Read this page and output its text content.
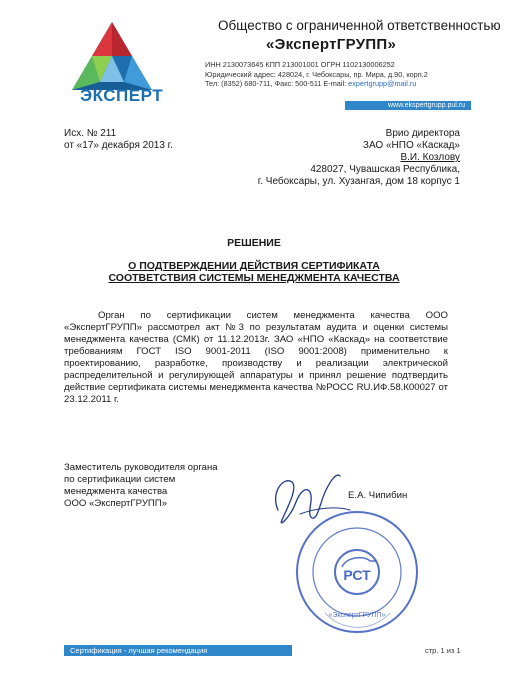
ЭКСПЕРТ
Общество с ограниченной ответственностью
«ЭкспертГРУПП»
ИНН 2130073645 КПП 213001001 ОГРН 1102130006252
Юридический адрес: 428024, г. Чебоксары, пр. Мира, д.90, корп.2
Тел: (8352) 680-711, Факс: 500-511 E-mail: expertgrupp@mail.ru
www.ekspertgrupp.pul.ru
Исх. № 211
от «17» декабря 2013 г.
Врио директора
ЗАО «НПО «Каскад»
В.И. Козлову
428027, Чувашская Республика,
г. Чебоксары, ул. Хузангая, дом 18 корпус 1
РЕШЕНИЕ
О ПОДТВЕРЖДЕНИИ ДЕЙСТВИЯ СЕРТИФИКАТА
СООТВЕТСТВИЯ СИСТЕМЫ МЕНЕДЖМЕНТА КАЧЕСТВА
Орган по сертификации систем менеджмента качества ООО «ЭкспертГРУПП» рассмотрел акт №3 по результатам аудита и оценки системы менеджмента качества (СМК) от 11.12.2013г. ЗАО «НПО «Каскад» на соответствие требованиям ГОСТ ISO 9001-2011 (ISO 9001:2008) применительно к проектированию, разработке, производству и реализации электрической распределительной и регулирующей аппаратуры и принял решение подтвердить действие сертификата системы менеджмента качества №РОСС RU.ИФ.58.К00027 от 23.12.2011 г.
Заместитель руководителя органа
по сертификации систем
менеджмента качества
ООО «ЭкспертГРУПП»
Е.А. Чипибин
РСТ
«ЭкспертГРУПП»
Сертификация - лучшая рекомендация	стр. 1 из 1
